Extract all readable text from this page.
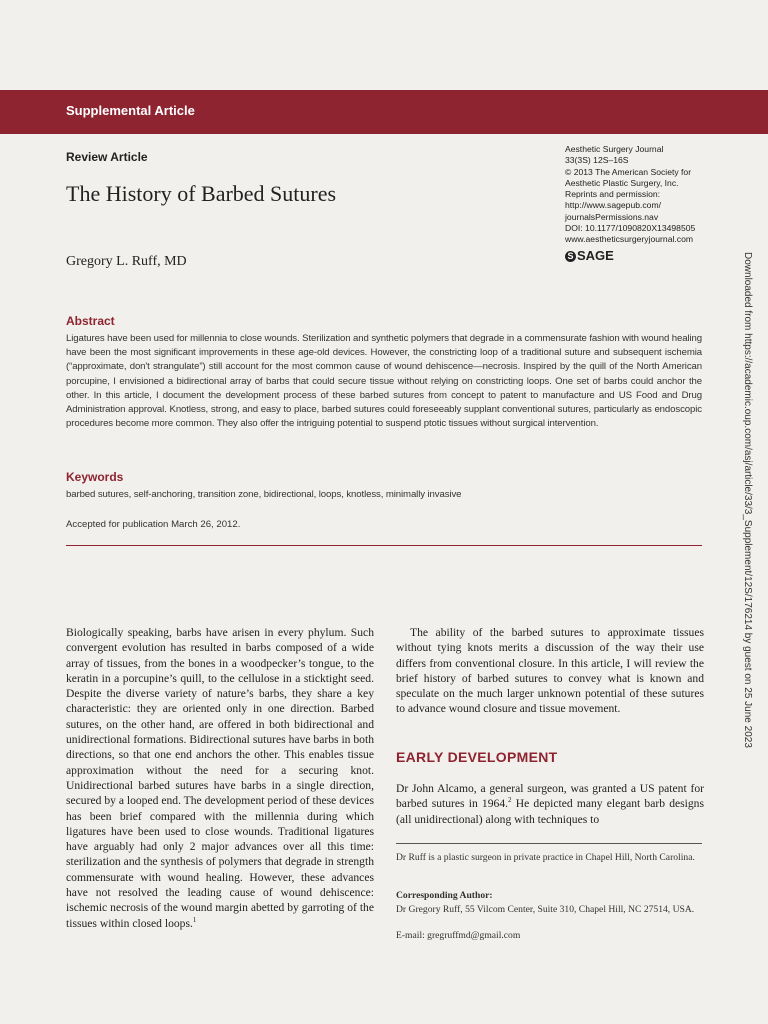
Supplemental Article
Review Article
The History of Barbed Sutures
Gregory L. Ruff, MD
Aesthetic Surgery Journal
33(3S) 12S–16S
© 2013 The American Society for
Aesthetic Plastic Surgery, Inc.
Reprints and permission:
http://www.sagepub.com/
journalsPermissions.nav
DOI: 10.1177/1090820X13498505
www.aestheticsurgeryjournal.com
S SAGE	Downloaded from https://academic.oup.com/asj/article/33/3_Supplement/12S/176214 by guest on 25 June 2023
Abstract
Ligatures have been used for millennia to close wounds. Sterilization and synthetic polymers that degrade in a commensurate fashion with wound healing have been the most significant improvements in these age-old devices. However, the constricting loop of a traditional suture and subsequent ischemia (“approximate, don't strangulate”) still account for the most common cause of wound dehiscence—necrosis. Inspired by the quill of the North American porcupine, I envisioned a bidirectional array of barbs that could secure tissue without relying on constricting loops. One set of barbs could anchor the other. In this article, I document the development process of these barbed sutures from concept to patent to manufacture and US Food and Drug Administration approval. Knotless, strong, and easy to place, barbed sutures could foreseeably supplant conventional sutures, particularly as endoscopic procedures become more common. They also offer the intriguing potential to suspend ptotic tissues without surgical intervention.
Keywords
barbed sutures, self-anchoring, transition zone, bidirectional, loops, knotless, minimally invasive
Accepted for publication March 26, 2012.

Biologically speaking, barbs have arisen in every phylum. Such convergent evolution has resulted in barbs composed of a wide array of tissues, from the bones in a woodpecker’s tongue, to the keratin in a porcupine’s quill, to the cellulose in a sticktight seed. Despite the diverse variety of nature’s barbs, they share a key characteristic: they are oriented only in one direction. Barbed sutures, on the other hand, are offered in both bidirectional and unidirectional formations. Bidirectional sutures have barbs in both directions, so that one end anchors the other. This enables tissue approximation without the need for a securing knot. Unidirectional barbed sutures have barbs in a single direction, secured by a looped end. The development period of these devices has been brief compared with the millennia during which ligatures have been used to close wounds. Traditional ligatures have arguably had only 2 major advances over all this time: sterilization and the synthesis of polymers that degrade in strength commensurate with wound healing. However, these advances have not resolved the leading cause of wound dehiscence: ischemic necrosis of the wound margin abetted by garroting of the tissues within closed loops.$^1$

The ability of the barbed sutures to approximate tissues without tying knots merits a discussion of the way their use differs from conventional closure. In this article, I will review the brief history of barbed sutures to convey what is known and speculate on the much larger unknown potential of these sutures to advance wound closure and tissue movement.

EARLY DEVELOPMENT

Dr John Alcamo, a general surgeon, was granted a US patent for barbed sutures in 1964.$^2$ He depicted many elegant barb designs (all unidirectional) along with techniques to

Dr Ruff is a plastic surgeon in private practice in Chapel Hill, North Carolina.
Corresponding Author:
Dr Gregory Ruff, 55 Vilcom Center, Suite 310, Chapel Hill, NC 27514, USA.
E-mail: gregruffmd@gmail.com
